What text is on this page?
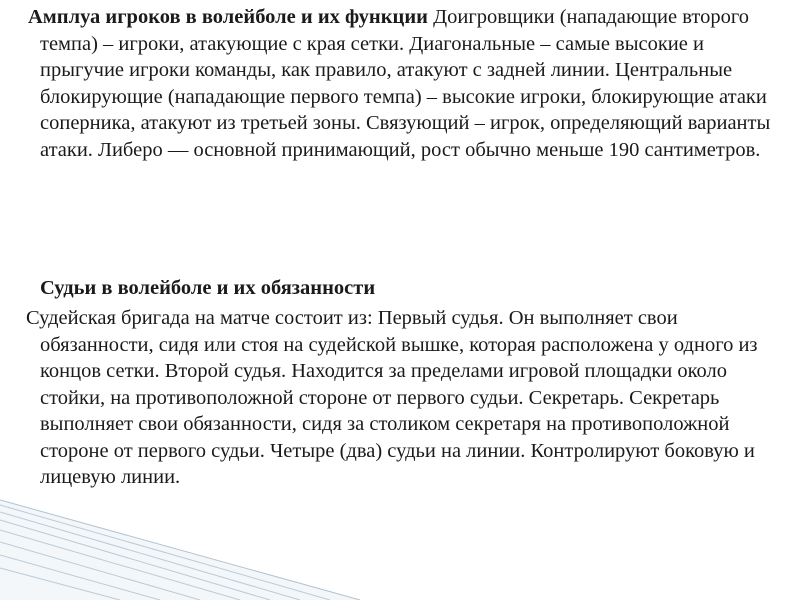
Амплуа игроков в волейболе и их функции Доигровщики (нападающие второго темпа) – игроки, атакующие с края сетки. Диагональные – самые высокие и прыгучие игроки команды, как правило, атакуют с задней линии. Центральные блокирующие (нападающие первого темпа) – высокие игроки, блокирующие атаки соперника, атакуют из третьей зоны. Связующий – игрок, определяющий варианты атаки. Либеро — основной принимающий, рост обычно меньше 190 сантиметров.

Судьи в волейболе и их обязанности

Судейская бригада на матче состоит из: Первый судья. Он выполняет свои обязанности, сидя или стоя на судейской вышке, которая расположена у одного из концов сетки. Второй судья. Находится за пределами игровой площадки около стойки, на противоположной стороне от первого судьи. Секретарь. Секретарь выполняет свои обязанности, сидя за столиком секретаря на противоположной стороне от первого судьи. Четыре (два) судьи на линии. Контролируют боковую и лицевую линии.
